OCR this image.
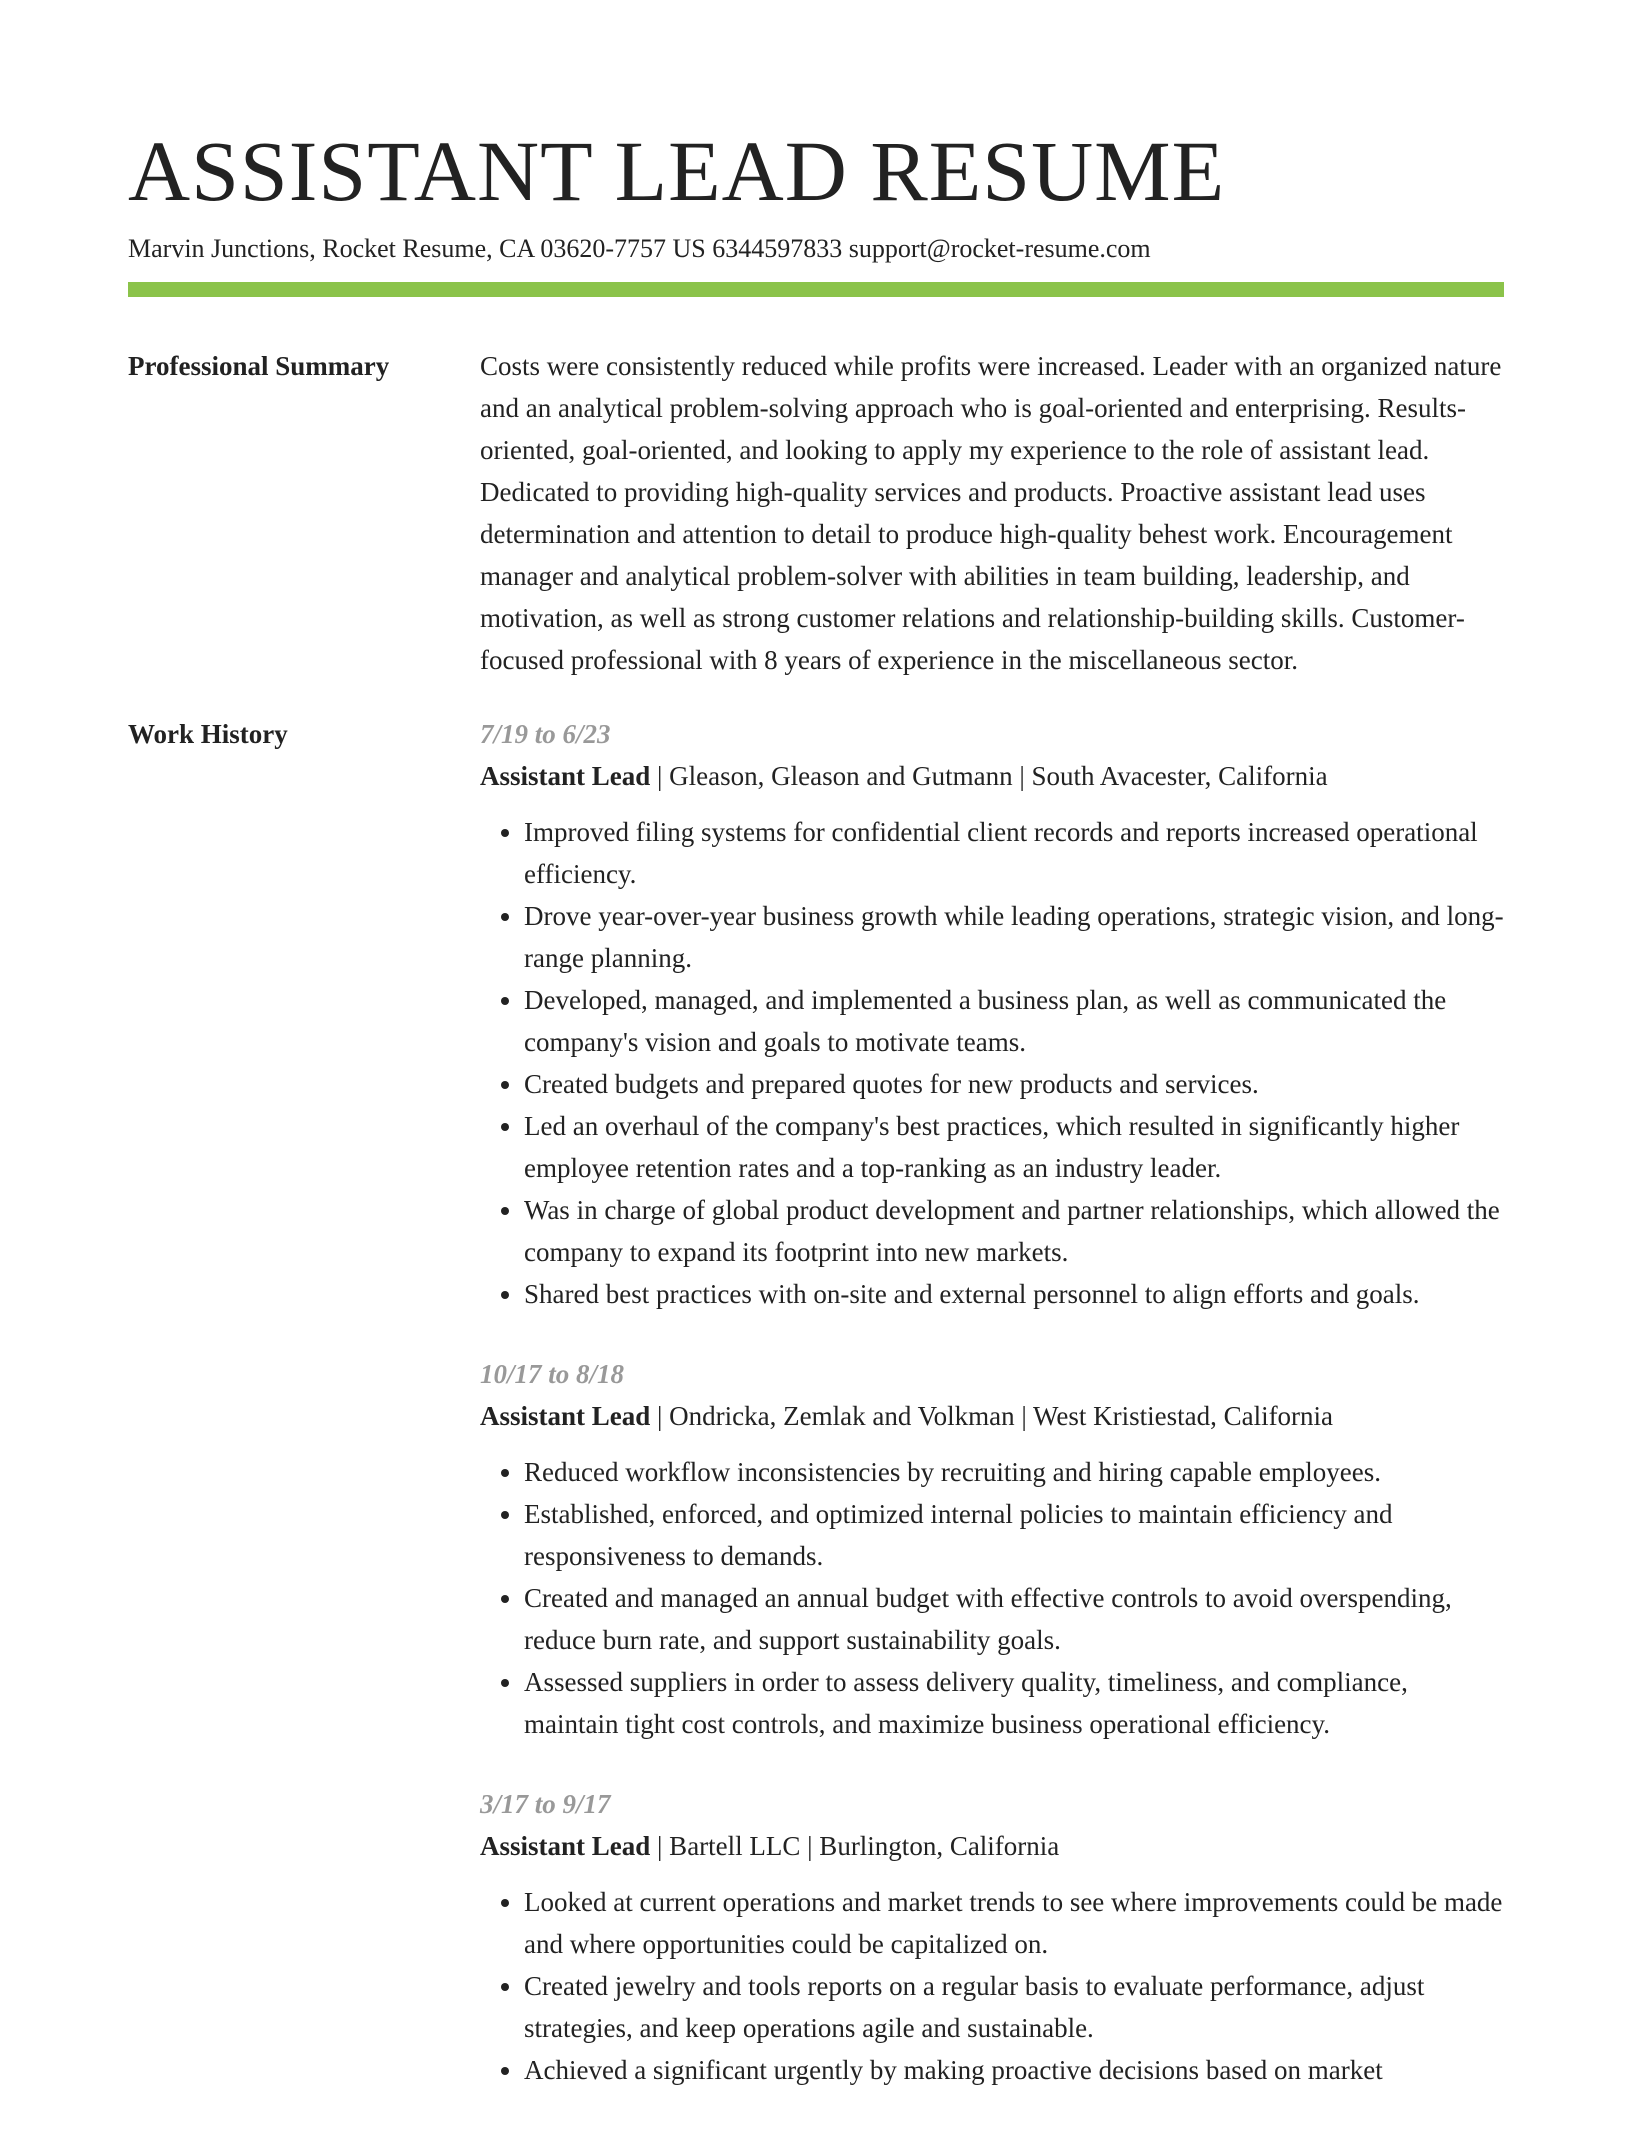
ASSISTANT LEAD RESUME
Marvin Junctions, Rocket Resume, CA 03620-7757 US 6344597833 support@rocket-resume.com
Professional Summary	Costs were consistently reduced while profits were increased. Leader with an organized nature and an analytical problem-solving approach who is goal-oriented and enterprising. Results-oriented, goal-oriented, and looking to apply my experience to the role of assistant lead. Dedicated to providing high-quality services and products. Proactive assistant lead uses determination and attention to detail to produce high-quality behest work. Encouragement manager and analytical problem-solver with abilities in team building, leadership, and motivation, as well as strong customer relations and relationship-building skills. Customer-focused professional with 8 years of experience in the miscellaneous sector.

Work History	7/19 to 6/23
Assistant Lead | Gleason, Gleason and Gutmann | South Avacester, California
• Improved filing systems for confidential client records and reports increased operational efficiency.
• Drove year-over-year business growth while leading operations, strategic vision, and long-range planning.
• Developed, managed, and implemented a business plan, as well as communicated the company's vision and goals to motivate teams.
• Created budgets and prepared quotes for new products and services.
• Led an overhaul of the company's best practices, which resulted in significantly higher employee retention rates and a top-ranking as an industry leader.
• Was in charge of global product development and partner relationships, which allowed the company to expand its footprint into new markets.
• Shared best practices with on-site and external personnel to align efforts and goals.
10/17 to 8/18
Assistant Lead | Ondricka, Zemlak and Volkman | West Kristiestad, California
• Reduced workflow inconsistencies by recruiting and hiring capable employees.
• Established, enforced, and optimized internal policies to maintain efficiency and responsiveness to demands.
• Created and managed an annual budget with effective controls to avoid overspending, reduce burn rate, and support sustainability goals.
• Assessed suppliers in order to assess delivery quality, timeliness, and compliance, maintain tight cost controls, and maximize business operational efficiency.
3/17 to 9/17
Assistant Lead | Bartell LLC | Burlington, California
• Looked at current operations and market trends to see where improvements could be made and where opportunities could be capitalized on.
• Created jewelry and tools reports on a regular basis to evaluate performance, adjust strategies, and keep operations agile and sustainable.
• Achieved a significant urgently by making proactive decisions based on market
